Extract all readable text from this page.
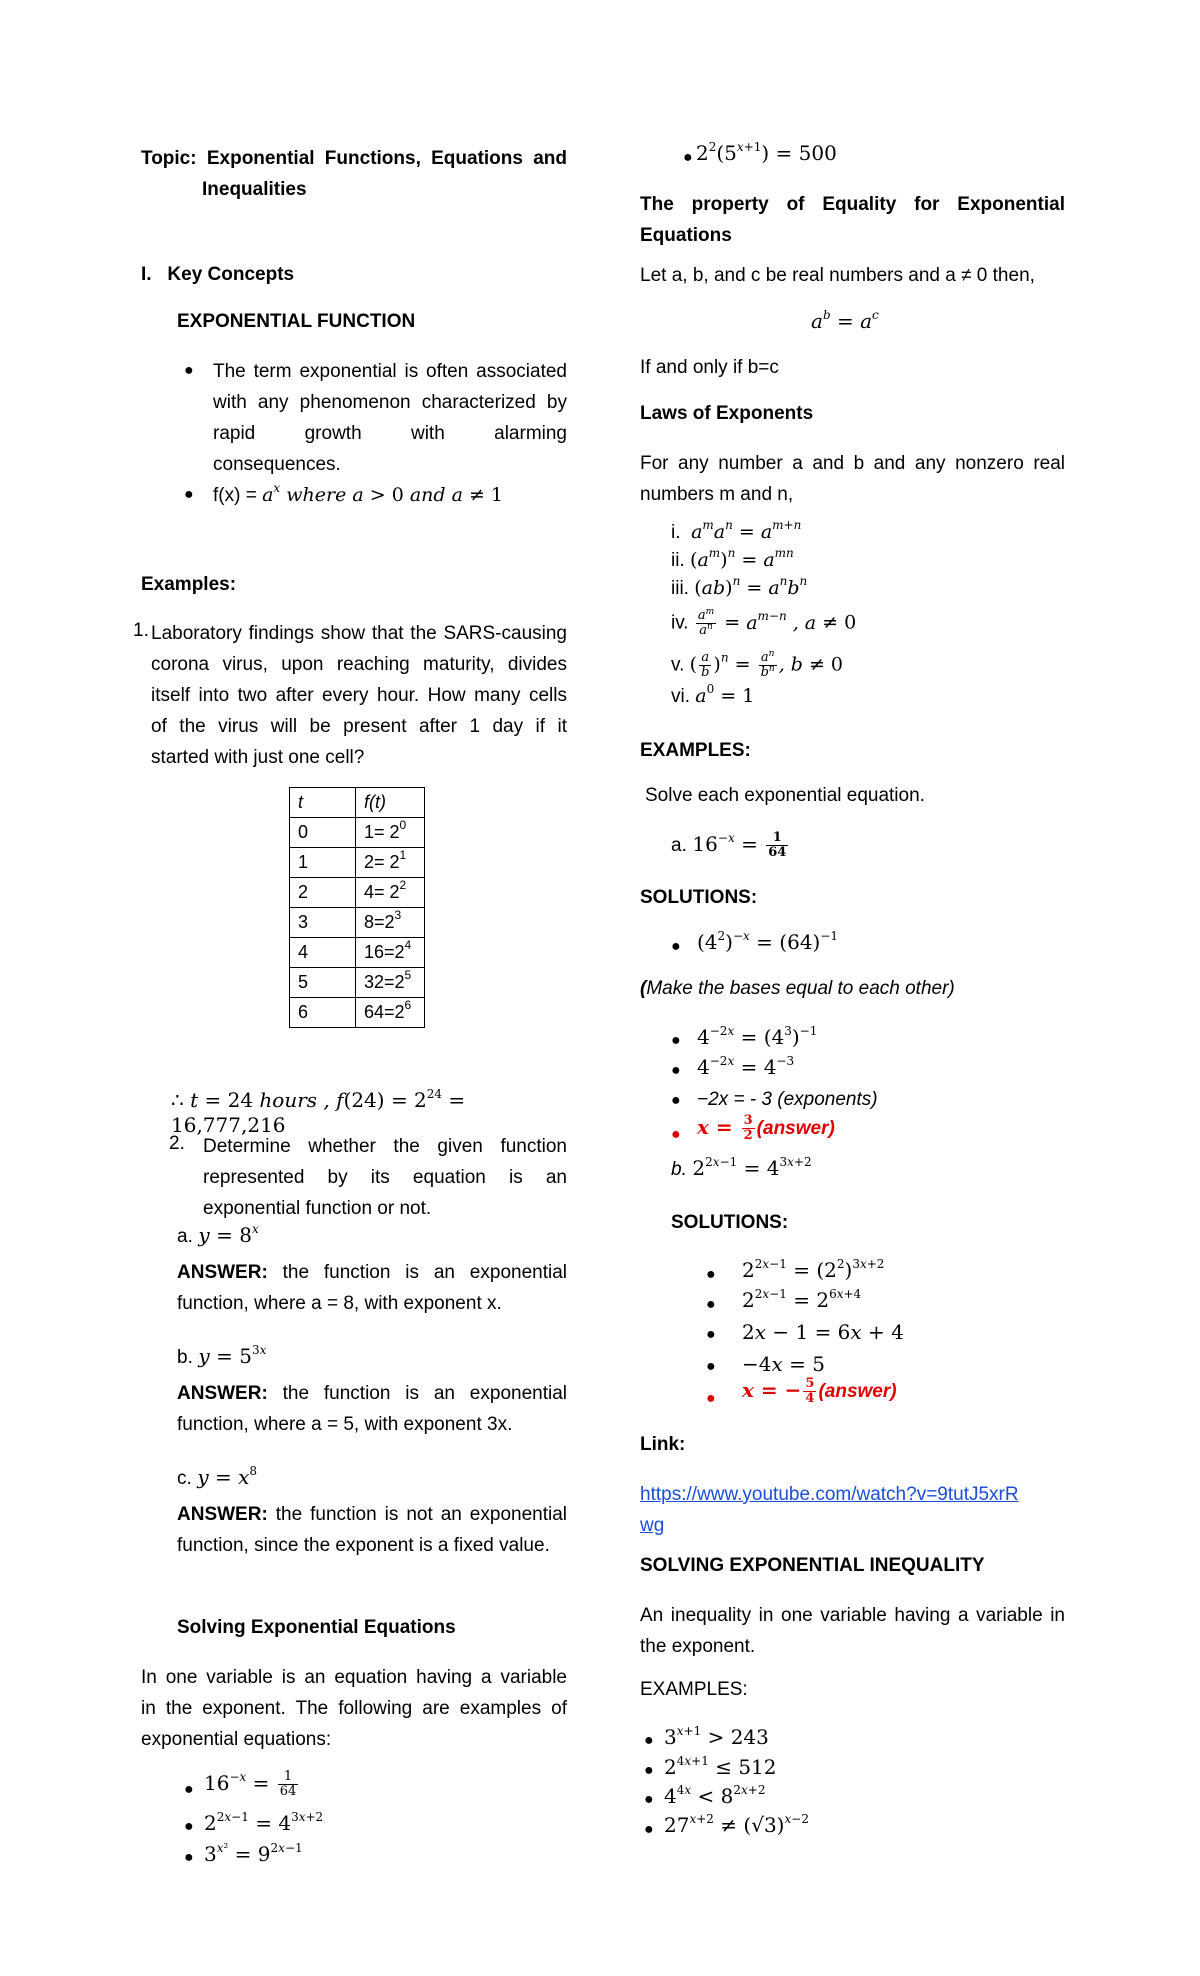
Topic: Exponential Functions, Equations and
Inequalities
I. Key Concepts
EXPONENTIAL FUNCTION
● The term exponential is often associated
with any phenomenon characterized by
rapid growth with alarming
consequences.
● $f(x) = a^x$ where a > 0 and a ≠ 1
Examples:
1. Laboratory findings show that the SARS-causing
corona virus, upon reaching maturity, divides
itself into two after every hour. How many cells
of the virus will be present after 1 day if it
started with just one cell?
t	f(t)
0	$1= 2^0$
1	$2= 2^1$
2	$4= 2^2$
3	$8=2^3$
4	$16=2^4$
5	$32=2^5$
6	$64=2^6$
∴ t = 24 hours , $f(24) = 2^{24} = 16,777,216$
2. Determine whether the given function
represented by its equation is an
exponential function or not.
a. $y = 8^x$
ANSWER: the function is an exponential
function, where a = 8, with exponent x.
b. $y = 5^{3x}$
ANSWER: the function is an exponential
function, where a = 5, with exponent 3x.
c. $y = x^8$
ANSWER: the function is not an exponential
function, since the exponent is a fixed value.
Solving Exponential Equations
In one variable is an equation having a variable
in the exponent. The following are examples of
exponential equations:
● $16^{-x} = \frac{1}{64}$
● $2^{2x-1} = 4^{3x+2}$
● $3^{x^2} = 9^{2x-1}$
● $2^2(5^{x+1}) = 500$
The property of Equality for Exponential
Equations
Let a, b, and c be real numbers and a ≠ 0 then,
$a^b = a^c$
If and only if b=c
Laws of Exponents
For any number a and b and any nonzero real
numbers m and n,
i. $a^ma^n = a^{m+n}$
ii. $(a^m)^n = a^{mn}$
iii. $(ab)^n = a^nb^n$
iv. $\frac{a^m}{a^n} = a^{m-n}$ , a ≠ 0
v. ( $\frac{a}{b} )^n = \frac{a^n}{b^n}$ , b ≠ 0
vi. $a^0 = 1$
EXAMPLES:
Solve each exponential equation.
a. $16^{-x} = \frac{1}{64}$
SOLUTIONS:
● $(4^2)^{-x} = (64)^{-1}$
(Make the bases equal to each other)
● $4^{-2x} = (4^3)^{-1}$
● $4^{-2x} = 4^{-3}$
● −2x = - 3 (exponents)
● $x = \frac{3}{2}$ (answer)
b. $2^{2x-1} = 4^{3x+2}$
SOLUTIONS:
● $2^{2x-1} = (2^2)^{3x+2}$
● $2^{2x-1} = 2^{6x+4}$
● 2x − 1 = 6x + 4
● −4x = 5
● x = − $\frac{5}{4}$ (answer)
Link:
https://www.youtube.com/watch?v=9tutJ5xrR
wg
SOLVING EXPONENTIAL INEQUALITY
An inequality in one variable having a variable in
the exponent.
EXAMPLES:
● $3^{x+1} > 243$
● $2^{4x+1} \le 512$
● $4^{4x} < 8^{2x+2}$
● $27^{x+2} \ne (√3)^{x-2}$
